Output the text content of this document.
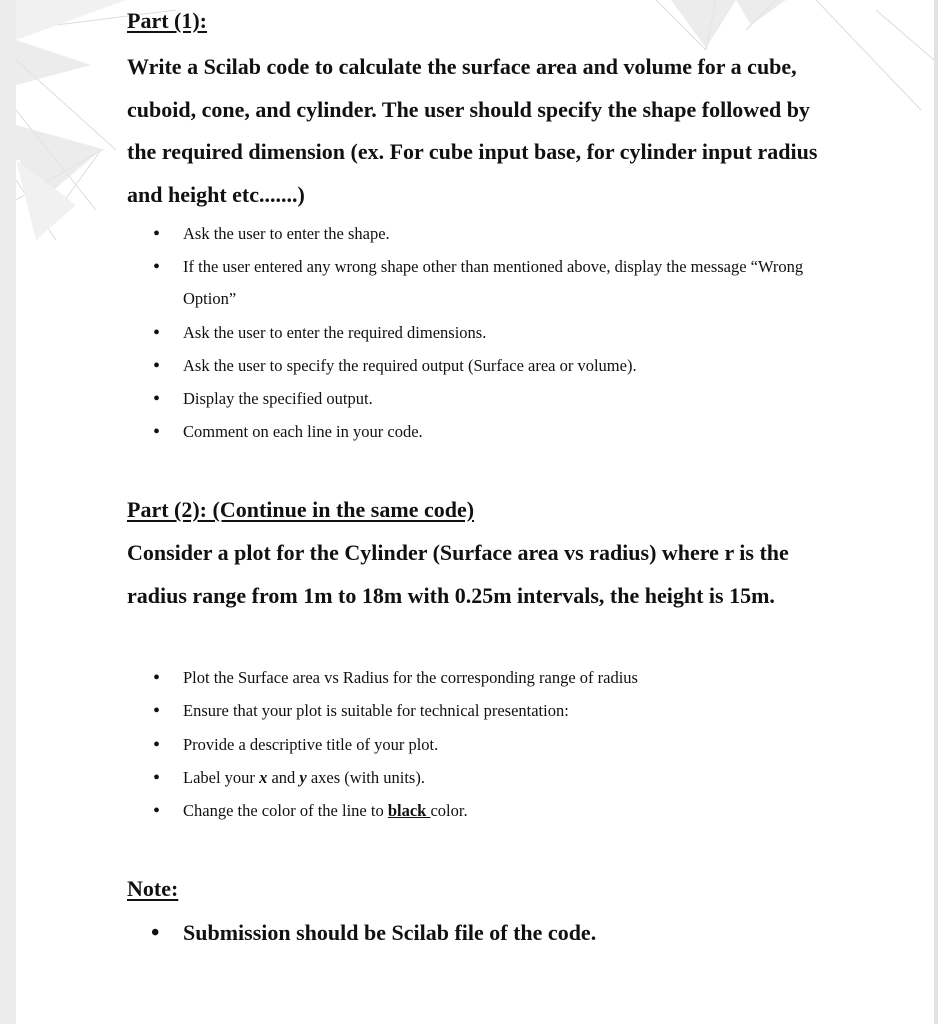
Part (1):
Write a Scilab code to calculate the surface area and volume for a cube, cuboid, cone, and cylinder. The user should specify the shape followed by the required dimension (ex. For cube input base, for cylinder input radius and height etc.......)
• Ask the user to enter the shape.
• If the user entered any wrong shape other than mentioned above, display the message “Wrong Option”
• Ask the user to enter the required dimensions.
• Ask the user to specify the required output (Surface area or volume).
• Display the specified output.
• Comment on each line in your code.
Part (2): (Continue in the same code)
Consider a plot for the Cylinder (Surface area vs radius) where r is the radius range from 1m to 18m with 0.25m intervals, the height is 15m.
• Plot the Surface area vs Radius for the corresponding range of radius
• Ensure that your plot is suitable for technical presentation:
• Provide a descriptive title of your plot.
• Label your x and y axes (with units).
• Change the color of the line to black color.
Note:
• Submission should be Scilab file of the code.
